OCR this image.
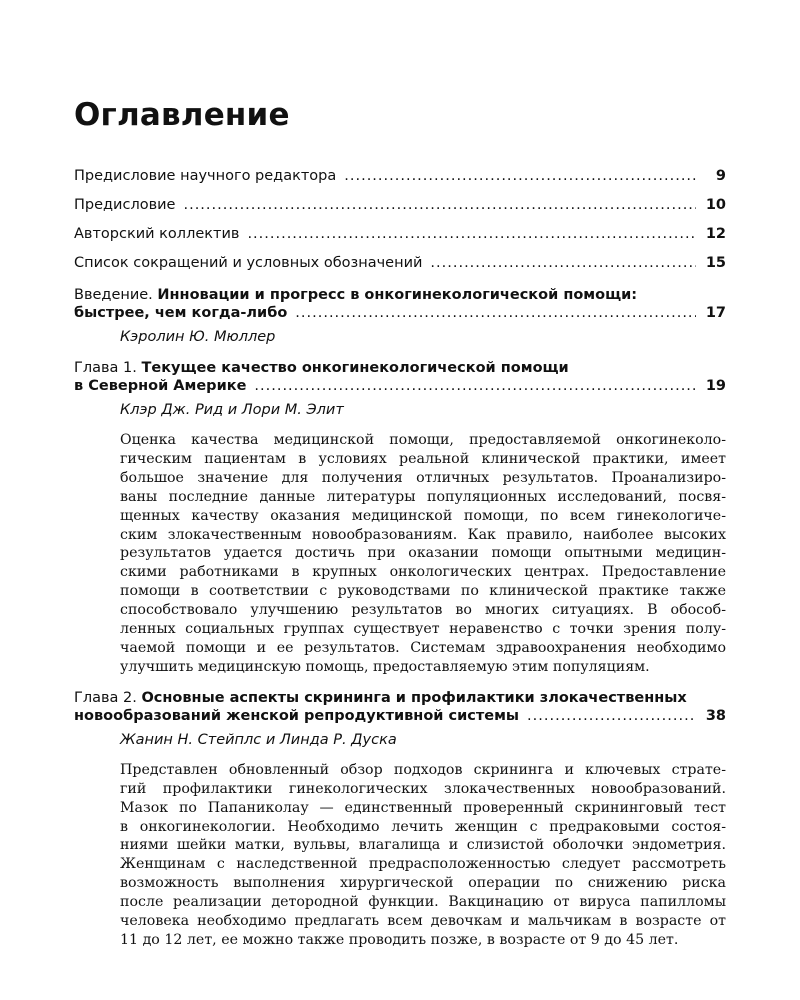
Оглавление
Предисловие научного редактора .....	9
Предисловие .....	10
Авторский коллектив .....	12
Список сокращений и условных обозначений .....	15
Введение. Инновации и прогресс в онкогинекологической помощи:
быстрее, чем когда-либо .....	17
Кэролин Ю. Мюллер
Глава 1. Текущее качество онкогинекологической помощи
в Северной Америке .....	19
Клэр Дж. Рид и Лори М. Элит
Оценка качества медицинской помощи, предоставляемой онкогинеколо-
гическим пациентам в условиях реальной клинической практики, имеет
большое значение для получения отличных результатов. Проанализиро-
ваны последние данные литературы популяционных исследований, посвя-
щенных качеству оказания медицинской помощи, по всем гинекологиче-
ским злокачественным новообразованиям. Как правило, наиболее высоких
результатов удается достичь при оказании помощи опытными медицин-
скими работниками в крупных онкологических центрах. Предоставление
помощи в соответствии с руководствами по клинической практике также
способствовало улучшению результатов во многих ситуациях. В обособ-
ленных социальных группах существует неравенство с точки зрения полу-
чаемой помощи и ее результатов. Системам здравоохранения необходимо
улучшить медицинскую помощь, предоставляемую этим популяциям.
Глава 2. Основные аспекты скрининга и профилактики злокачественных
новообразований женской репродуктивной системы .....	38
Жанин Н. Стейплс и Линда Р. Дуска
Представлен обновленный обзор подходов скрининга и ключевых страте-
гий профилактики гинекологических злокачественных новообразований.
Мазок по Папаниколау — единственный проверенный скрининговый тест
в онкогинекологии. Необходимо лечить женщин с предраковыми состоя-
ниями шейки матки, вульвы, влагалища и слизистой оболочки эндометрия.
Женщинам с наследственной предрасположенностью следует рассмотреть
возможность выполнения хирургической операции по снижению риска
после реализации детородной функции. Вакцинацию от вируса папилломы
человека необходимо предлагать всем девочкам и мальчикам в возрасте от
11 до 12 лет, ее можно также проводить позже, в возрасте от 9 до 45 лет.
